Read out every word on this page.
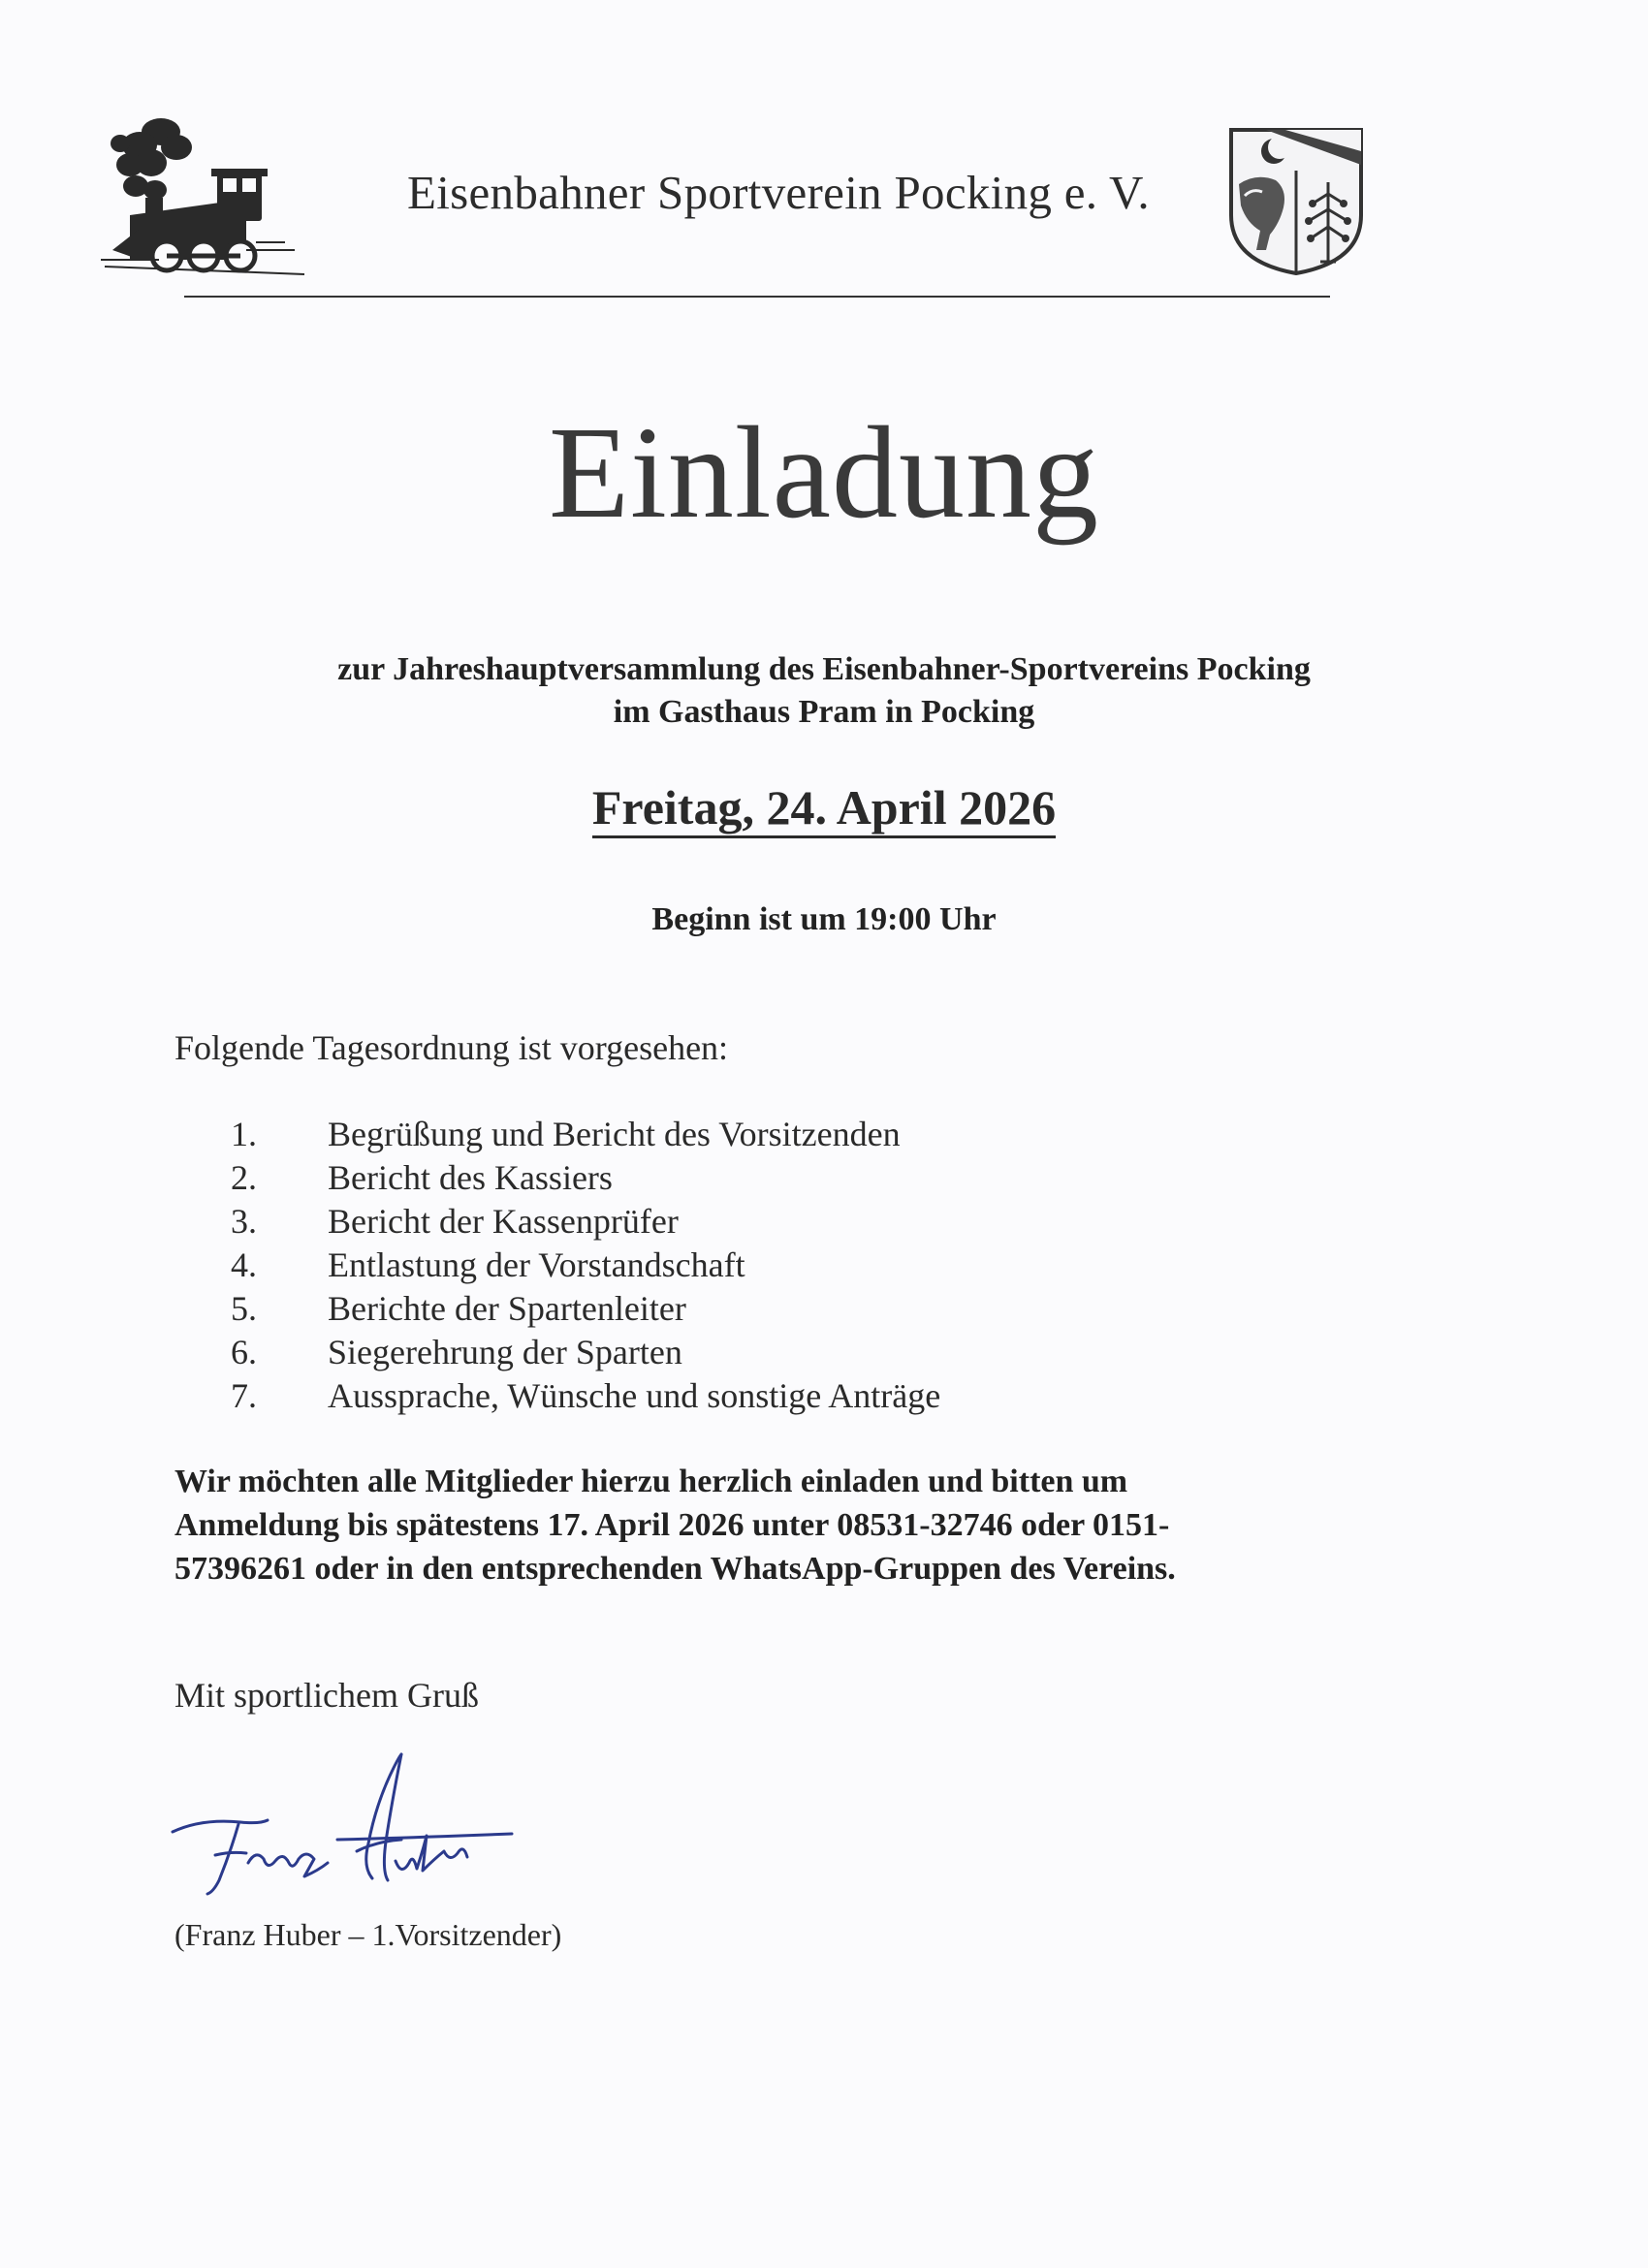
Eisenbahner Sportverein Pocking e. V.
Einladung
zur Jahreshauptversammlung des Eisenbahner-Sportvereins Pocking
im Gasthaus Pram in Pocking
Freitag, 24. April 2026
Beginn ist um 19:00 Uhr
Folgende Tagesordnung ist vorgesehen:
1. Begrüßung und Bericht des Vorsitzenden
2. Bericht des Kassiers
3. Bericht der Kassenprüfer
4. Entlastung der Vorstandschaft
5. Berichte der Spartenleiter
6. Siegerehrung der Sparten
7. Aussprache, Wünsche und sonstige Anträge
Wir möchten alle Mitglieder hierzu herzlich einladen und bitten um
Anmeldung bis spätestens 17. April 2026 unter 08531-32746 oder 0151-
57396261 oder in den entsprechenden WhatsApp-Gruppen des Vereins.
Mit sportlichem Gruß
(Franz Huber – 1.Vorsitzender)
